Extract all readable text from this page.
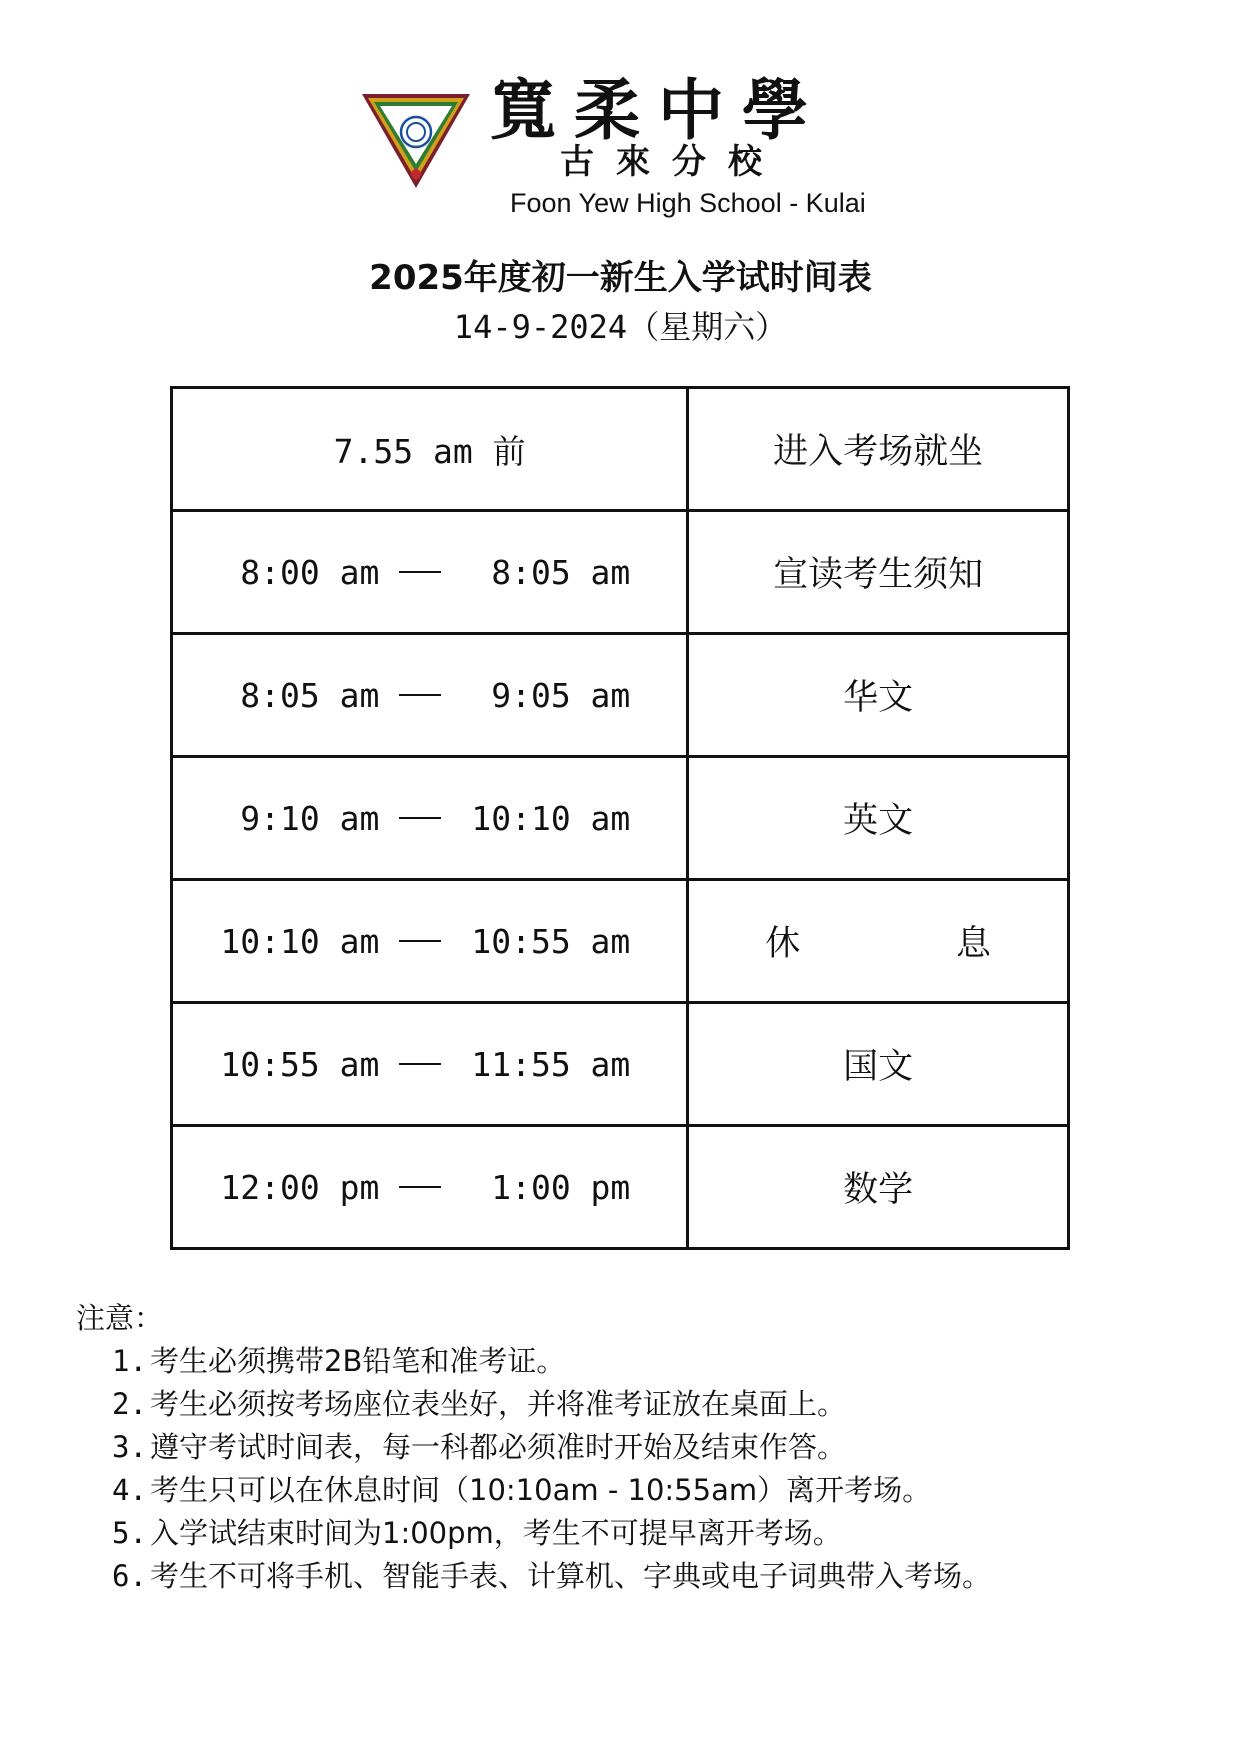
寬柔中學
古來分校
Foon Yew High School - Kulai
2025年度初一新生入学试时间表
14-9-2024（星期六）
7.55 am 前	进入考场就坐

8:00 am 8:05 am	宣读考生须知

8:05 am 9:05 am	华文

9:10 am 10:10 am	英文

10:10 am 10:55 am	休 息

10:55 am 11:55 am	国文

12:00 pm 1:00 pm	数学
注意：
1. 考生必须携带2B铅笔和准考证。
2. 考生必须按考场座位表坐好，并将准考证放在桌面上。
3. 遵守考试时间表，每一科都必须准时开始及结束作答。
4. 考生只可以在休息时间（10:10am - 10:55am）离开考场。
5. 入学试结束时间为1:00pm，考生不可提早离开考场。
6. 考生不可将手机、智能手表、计算机、字典或电子词典带入考场。
